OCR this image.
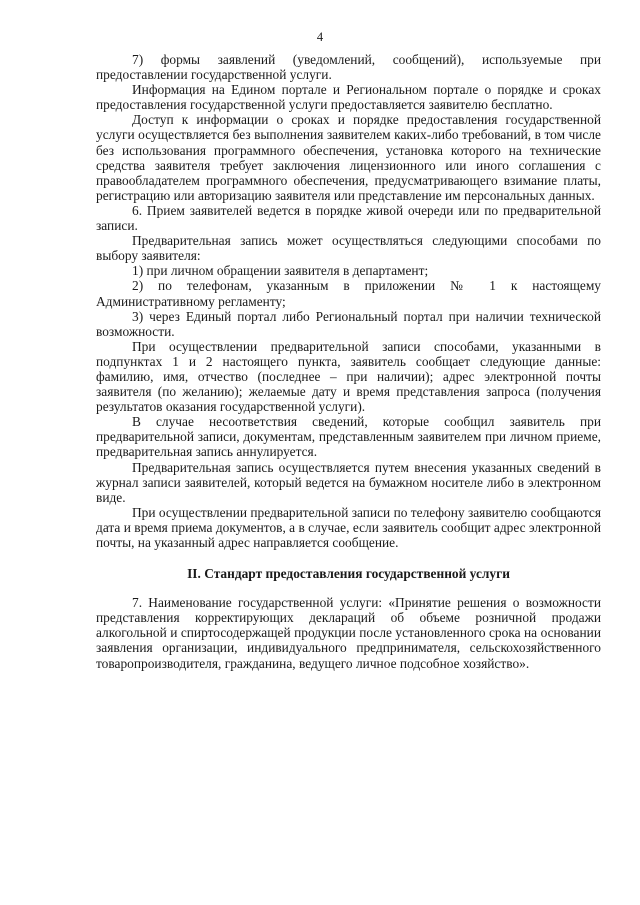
4

7) формы заявлений (уведомлений, сообщений), используемые при предоставлении государственной услуги.

Информация на Едином портале и Региональном портале о порядке и сроках предоставления государственной услуги предоставляется заявителю бесплатно.

Доступ к информации о сроках и порядке предоставления государственной услуги осуществляется без выполнения заявителем каких-либо требований, в том числе без использования программного обеспечения, установка которого на технические средства заявителя требует заключения лицензионного или иного соглашения с правообладателем программного обеспечения, предусматривающего взимание платы, регистрацию или авторизацию заявителя или представление им персональных данных.

6. Прием заявителей ведется в порядке живой очереди или по предварительной записи.

Предварительная запись может осуществляться следующими способами по выбору заявителя:

1) при личном обращении заявителя в департамент;

2) по телефонам, указанным в приложении № 1 к настоящему Административному регламенту;

3) через Единый портал либо Региональный портал при наличии технической возможности.

При осуществлении предварительной записи способами, указанными в подпунктах 1 и 2 настоящего пункта, заявитель сообщает следующие данные: фамилию, имя, отчество (последнее – при наличии); адрес электронной почты заявителя (по желанию); желаемые дату и время представления запроса (получения результатов оказания государственной услуги).

В случае несоответствия сведений, которые сообщил заявитель при предварительной записи, документам, представленным заявителем при личном приеме, предварительная запись аннулируется.

Предварительная запись осуществляется путем внесения указанных сведений в журнал записи заявителей, который ведется на бумажном носителе либо в электронном виде.

При осуществлении предварительной записи по телефону заявителю сообщаются дата и время приема документов, а в случае, если заявитель сообщит адрес электронной почты, на указанный адрес направляется сообщение.

II. Стандарт предоставления государственной услуги

7. Наименование государственной услуги: «Принятие решения о возможности представления корректирующих деклараций об объеме розничной продажи алкогольной и спиртосодержащей продукции после установленного срока на основании заявления организации, индивидуального предпринимателя, сельскохозяйственного товаропроизводителя, гражданина, ведущего личное подсобное хозяйство».
